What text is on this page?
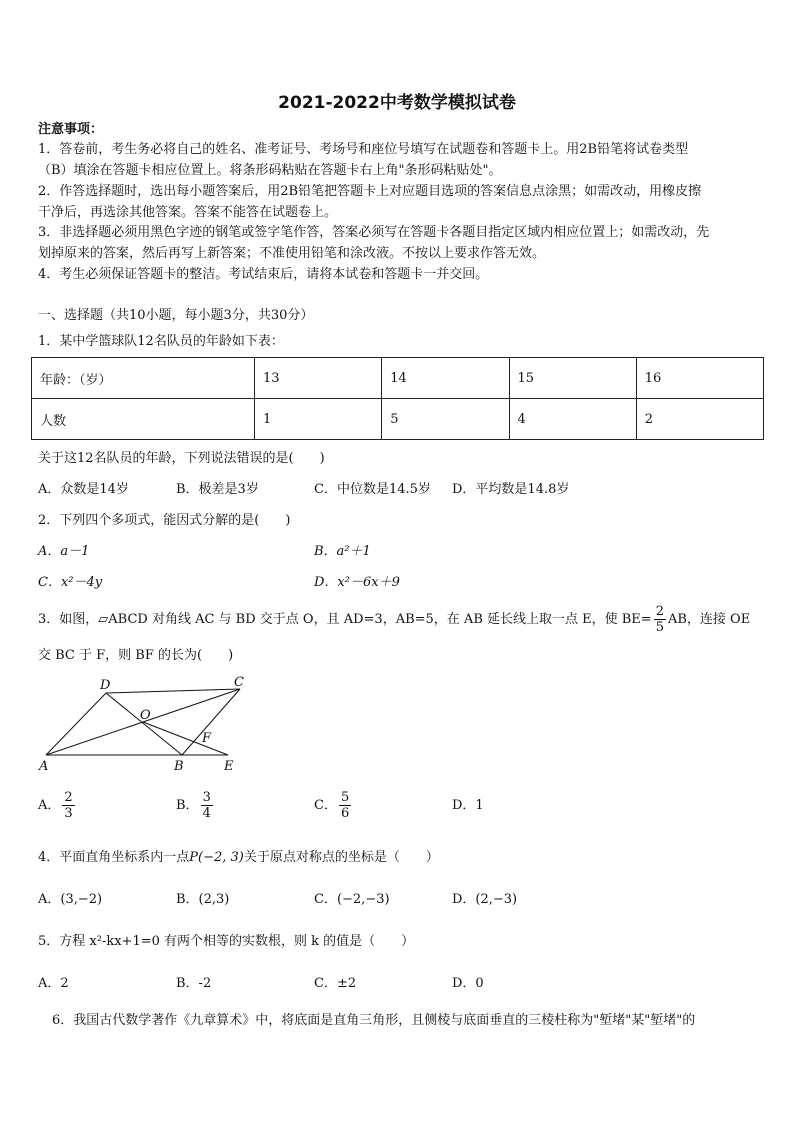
2021-2022中考数学模拟试卷
注意事项：
1．答卷前，考生务必将自己的姓名、准考证号、考场号和座位号填写在试题卷和答题卡上。用2B铅笔将试卷类型
（B）填涂在答题卡相应位置上。将条形码粘贴在答题卡右上角"条形码粘贴处"。
2．作答选择题时，选出每小题答案后，用2B铅笔把答题卡上对应题目选项的答案信息点涂黑；如需改动，用橡皮擦
干净后，再选涂其他答案。答案不能答在试题卷上。
3．非选择题必须用黑色字迹的钢笔或签字笔作答，答案必须写在答题卡各题目指定区域内相应位置上；如需改动，先
划掉原来的答案，然后再写上新答案；不准使用铅笔和涂改液。不按以上要求作答无效。
4．考生必须保证答题卡的整洁。考试结束后，请将本试卷和答题卡一并交回。
一、选择题（共10小题，每小题3分，共30分）
1．某中学篮球队12名队员的年龄如下表：
年龄：（岁）	13	14	15	16
人数	1	5	4	2
关于这12名队员的年龄，下列说法错误的是(　　)
A．众数是14岁	B．极差是3岁	C．中位数是14.5岁 D．平均数是14.8岁
2．下列四个多项式，能因式分解的是(　　)
A．a－1	B．a²＋1
C．x²－4y	D．x²－6x＋9
3．如图，▱ABCD 对角线 AC 与 BD 交于点 O，且 AD=3，AB=5，在 AB 延长线上取一点 E，使 $BE= \frac{2}{5}$ AB，连接 OE
交 BC 于 F，则 BF 的长为(　　)
D	C
O
F
A	B	E
A． $\frac{2}{3}$	B． $\frac{3}{4}$	C． $\frac{5}{6}$	D．1
4．平面直角坐标系内一点P(−2, 3)关于原点对称点的坐标是（　　）
A．(3,−2)	B．(2,3)	C．(−2,−3)	D．(2,−3)
5．方程 x²-kx+1=0 有两个相等的实数根，则 k 的值是（　　）
A．2	B．-2	C．±2	D．0
6．我国古代数学著作《九章算术》中，将底面是直角三角形，且侧棱与底面垂直的三棱柱称为"堑堵"某"堑堵"的
